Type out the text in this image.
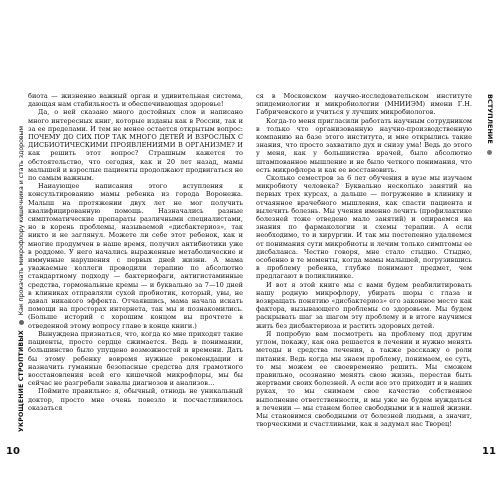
УКРОЩЕНИЕ СТРОПТИВЫХ  Как прокачать микрофлору кишечника и стать здоровым
10

биота — жизненно важный орган и удивительная система, дающая нам стабильность и обеспечивающая здоровье!

Да, о ней сказано много достойных слов и написано много интересных книг, которые изданы как в России, так и за ее пределами. И тем не менее остается открытым вопрос: ПОЧЕМУ ДО СИХ ПОР ТАК МНОГО ДЕТЕЙ И ВЗРОСЛЫХ С ДИСБИОТИЧЕСКИМИ ПРОЯВЛЕНИЯМИ В ОРГАНИЗМЕ? И как решить этот вопрос? Страшным кажется то обстоятельство, что сегодня, как и 20 лет назад, мамы малышей и взрослые пациенты продолжают продвигаться не по самым важным.

Наиаующее написания этого вступления к консультированию мамы ребенка из города Воронежа. Малыш на протяжении двух лет не мог получить квалифицированную помощь. Назначались разные симптоматические препараты различными специалистами, но в корень проблемы, называемой «дисбактериоз», так никто и не заглянул. Можете ли себе этот ребенок, как и многие продумчен в наше время, получил антибиотики уже в роддоме. У него начались выраженные метаболические и иммунные нарушения с первых дней жизни. А мама уважаемые коллеги проводили терапию по абсолютно стандартному подходу — бактериофаги, антигистаминные средства, гормональные кремы — и буквально за 7—10 дней в клиниках отправляли сухой пробиотик, который, увы, не давал никакого эффекта. Отчаявшись, мама начала искать помощи на просторах интернета, так мы и познакомились. (Больше историй с хорошим концом вы прочтете в отведенной этому вопросу главе в конце книги.)

Вынуждена признаться, что, когда ко мне приходят такие пациенты, просто сердце сжимается. Ведь в понимании, большинство было упущено возможностей и времени. Дать бы этому ребенку вовремя нужные рекомендации и назначить гуманные безопасные средства для грамотного восстановления всей его кишечной микрофлоры, мы бы сейчас не разгребали завалы диагнозов и анализов…

Поймите правильно: я, обычный, отнюдь не уникальный доктор, просто мне очень повезло и посчастливилось оказаться

ся в Московском научно-исследовательском институте эпидемиологии и микробиологии (МНИИЭМ) имени Г.Н. Габричевского и учиться у лучших микробиологов.

Когда-то меня пригласили работать научным сотрудником в только что организованную научно-производственную компанию на базе этого института, и мне открылись такие знания, что просто захватило дух и снизу ума! Ведь до этого у меня, как у большинства врачей, было абсолютно штампованное мышление и не было четкого понимания, что есть микрофлора и как ее восстановить.

Сколько семестров за 6 лет обучения в вузе мы изучаем микробиоту человека? Буквально несколько занятий на первых трех курсах, а дальше — погружение в клинику и отчаянное врачебного мышления, как спасти пациента и вылечить болезнь. Мы учения именно лечить (профилактике болезней тоже отведено мало занятий) и опираемся на знания по фармакологии и схемы терапии. А если необходимо, то и хирургии. И так мы постепенно удаляемся от понимания сути микробиоты и лечим только симптомы ее дисбаланса. Честно говоря, мне стало стыдно. Стыдно, особенно в те моменты, когда мамы малышей, погрузившись в проблему ребенка, глубже понимают предмет, чем предлагают в поликлинике.

И вот я этой книге мы с вами будем реабилитировать нашу родную микрофлору, убирать шоры с глаза и возвращать понятию «дисбактериоз» его законное место как фактора, вызывающего проблемы со здоровьем. Мы будем раскрывать шаг за шагом эту проблему и в итоге научимся жить без дисбактериоза и растить здоровых детей.

Я попробую вам посмотреть на проблему под другим углом, покажу, как она решается в лечении и нужно менять методы и средства лечения, а также расскажу о роли питания. Ведь когда мы знаем проблему, понимаем, ее суть, то мы можем ее своевременно решить. Мы сможем правильно, осознанно менять свою жизнь, перестав быть жертвами своих болезней. А если все это приходит и в наших руках, то мы снимаем свое качество собственное выполнение ответственности, и мы уже не будем нуждаться в лечении — мы станем более свободными и в нашей жизни. Мы становимся свободными от болезней людьми, а значит, творческими и счастливыми, как я задумал нас Творец!

ВСТУПЛЕНИЕ
11
